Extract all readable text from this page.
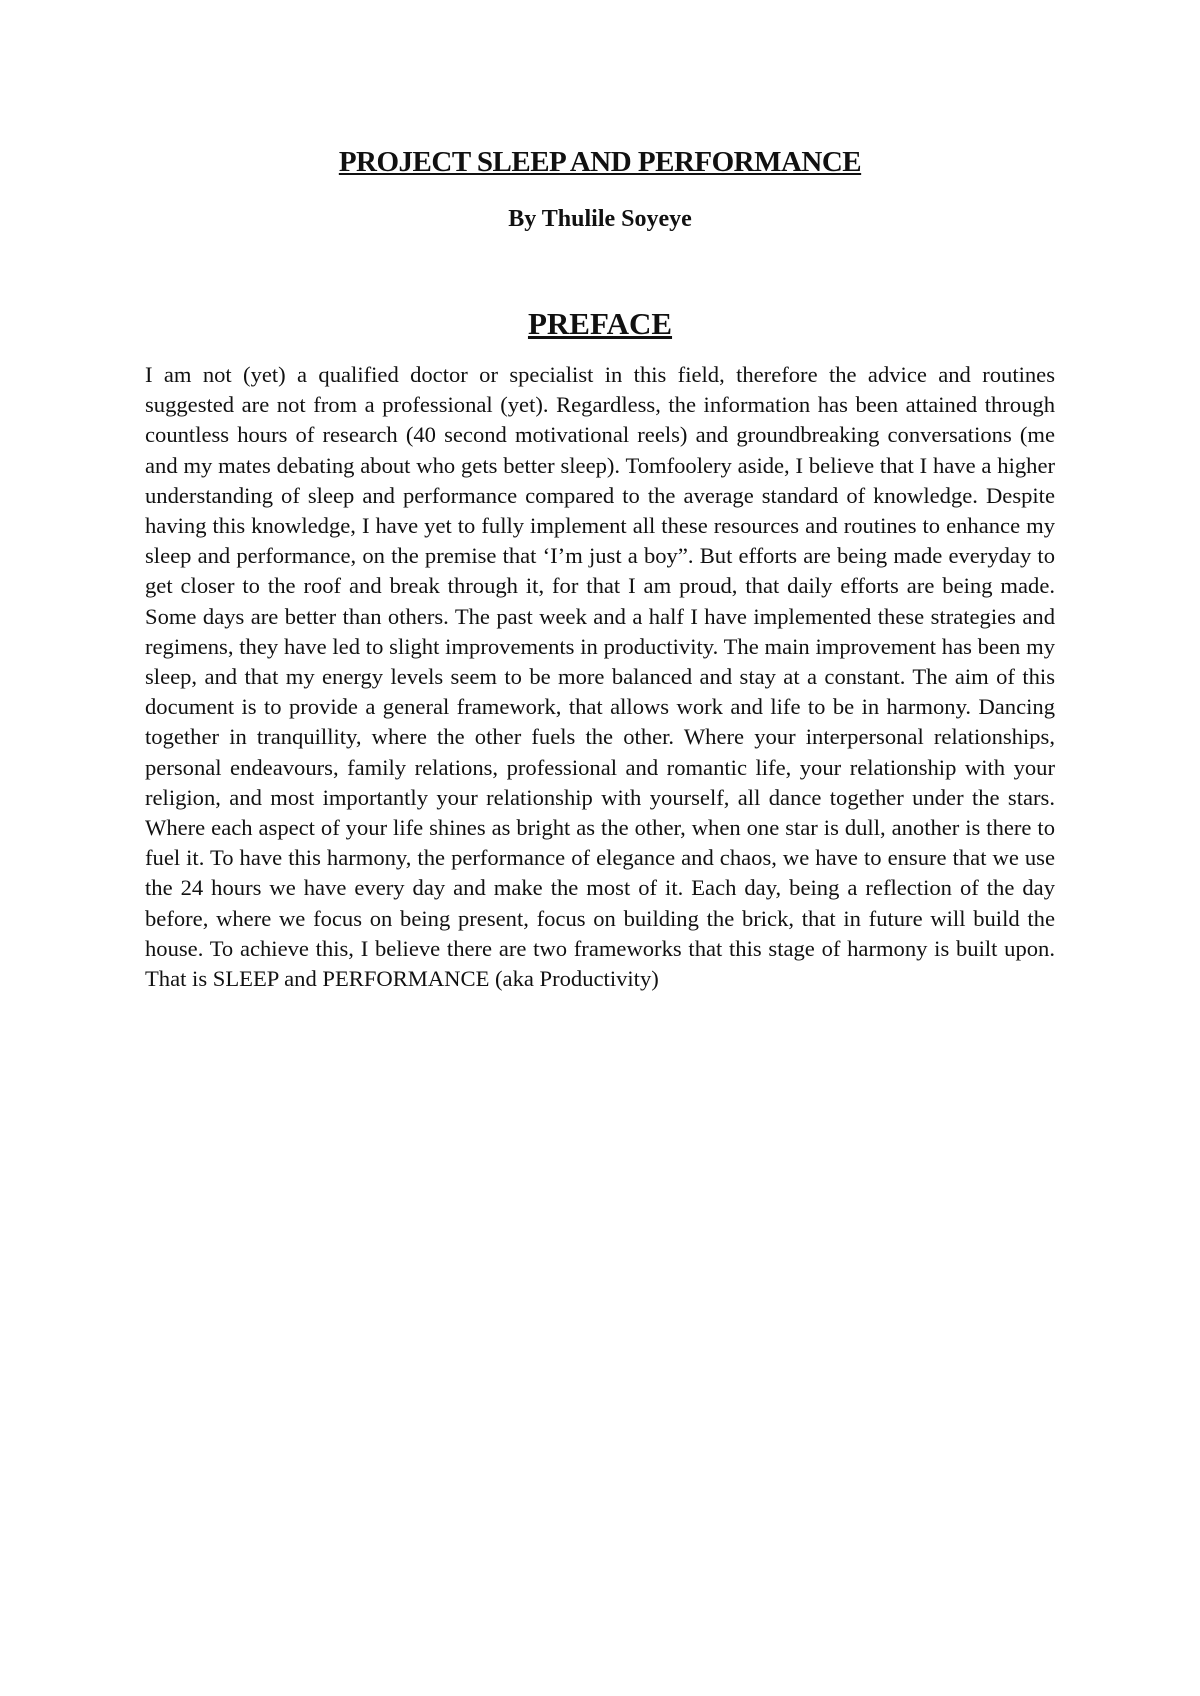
PROJECT SLEEP AND PERFORMANCE

By Thulile Soyeye

PREFACE

I am not (yet) a qualified doctor or specialist in this field, therefore the advice and routines suggested are not from a professional (yet). Regardless, the information has been attained through countless hours of research (40 second motivational reels) and groundbreaking conversations (me and my mates debating about who gets better sleep). Tomfoolery aside, I believe that I have a higher understanding of sleep and performance compared to the average standard of knowledge. Despite having this knowledge, I have yet to fully implement all these resources and routines to enhance my sleep and performance, on the premise that ‘I’m just a boy”. But efforts are being made everyday to get closer to the roof and break through it, for that I am proud, that daily efforts are being made. Some days are better than others. The past week and a half I have implemented these strategies and regimens, they have led to slight improvements in productivity. The main improvement has been my sleep, and that my energy levels seem to be more balanced and stay at a constant. The aim of this document is to provide a general framework, that allows work and life to be in harmony. Dancing together in tranquillity, where the other fuels the other. Where your interpersonal relationships, personal endeavours, family relations, professional and romantic life, your relationship with your religion, and most importantly your relationship with yourself, all dance together under the stars. Where each aspect of your life shines as bright as the other, when one star is dull, another is there to fuel it. To have this harmony, the performance of elegance and chaos, we have to ensure that we use the 24 hours we have every day and make the most of it. Each day, being a reflection of the day before, where we focus on being present, focus on building the brick, that in future will build the house. To achieve this, I believe there are two frameworks that this stage of harmony is built upon. That is SLEEP and PERFORMANCE (aka Productivity)
